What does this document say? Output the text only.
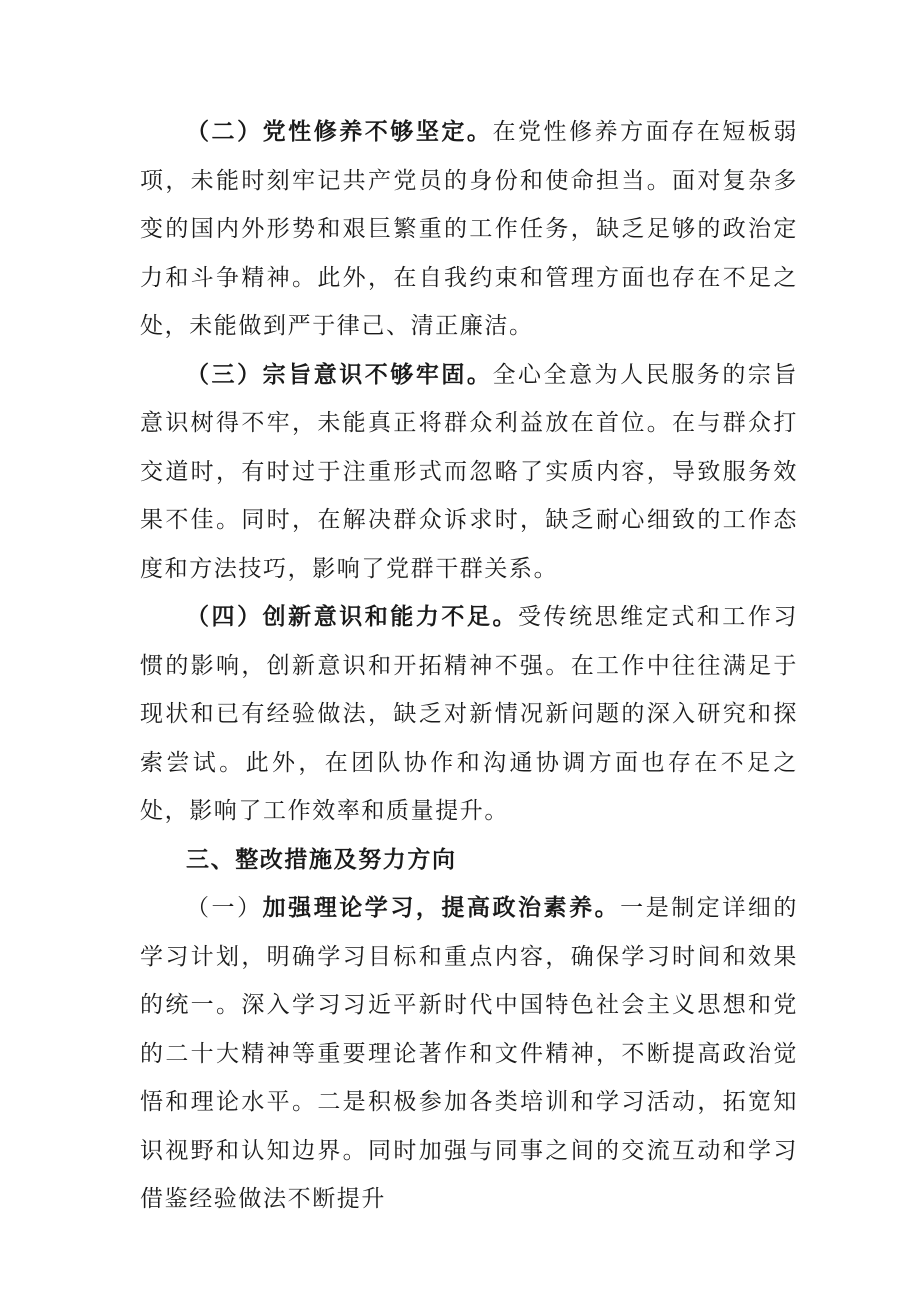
（二）党性修养不够坚定。在党性修养方面存在短板弱项，未能时刻牢记共产党员的身份和使命担当。面对复杂多变的国内外形势和艰巨繁重的工作任务，缺乏足够的政治定力和斗争精神。此外，在自我约束和管理方面也存在不足之处，未能做到严于律己、清正廉洁。

（三）宗旨意识不够牢固。全心全意为人民服务的宗旨意识树得不牢，未能真正将群众利益放在首位。在与群众打交道时，有时过于注重形式而忽略了实质内容，导致服务效果不佳。同时，在解决群众诉求时，缺乏耐心细致的工作态度和方法技巧，影响了党群干群关系。

（四）创新意识和能力不足。受传统思维定式和工作习惯的影响，创新意识和开拓精神不强。在工作中往往满足于现状和已有经验做法，缺乏对新情况新问题的深入研究和探索尝试。此外，在团队协作和沟通协调方面也存在不足之处，影响了工作效率和质量提升。

三、整改措施及努力方向

（一）加强理论学习，提高政治素养。一是制定详细的学习计划，明确学习目标和重点内容，确保学习时间和效果的统一。深入学习习近平新时代中国特色社会主义思想和党的二十大精神等重要理论著作和文件精神，不断提高政治觉悟和理论水平。二是积极参加各类培训和学习活动，拓宽知识视野和认知边界。同时加强与同事之间的交流互动和学习借鉴经验做法不断提升
